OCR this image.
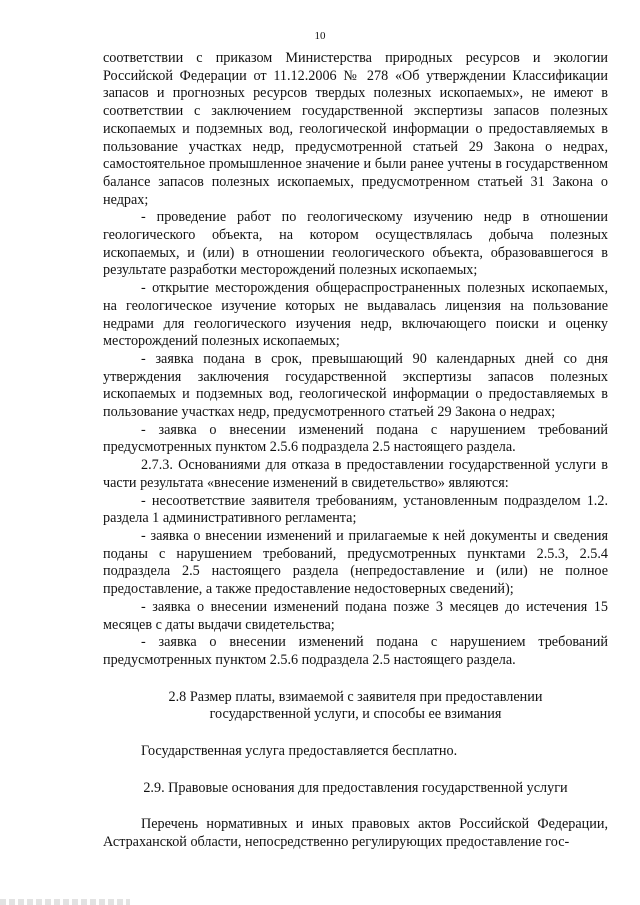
10

соответствии с приказом Министерства природных ресурсов и экологии Российской Федерации от 11.12.2006 № 278 «Об утверждении Классификации запасов и прогнозных ресурсов твердых полезных ископаемых», не имеют в соответствии с заключением государственной экспертизы запасов полезных ископаемых и подземных вод, геологической информации о предоставляемых в пользование участках недр, предусмотренной статьей 29 Закона о недрах, самостоятельное промышленное значение и были ранее учтены в государственном балансе запасов полезных ископаемых, предусмотренном статьей 31 Закона о недрах;

- проведение работ по геологическому изучению недр в отношении геологического объекта, на котором осуществлялась добыча полезных ископаемых, и (или) в отношении геологического объекта, образовавшегося в результате разработки месторождений полезных ископаемых;

- открытие месторождения общераспространенных полезных ископаемых, на геологическое изучение которых не выдавалась лицензия на пользование недрами для геологического изучения недр, включающего поиски и оценку месторождений полезных ископаемых;

- заявка подана в срок, превышающий 90 календарных дней со дня утверждения заключения государственной экспертизы запасов полезных ископаемых и подземных вод, геологической информации о предоставляемых в пользование участках недр, предусмотренного статьей 29 Закона о недрах;

- заявка о внесении изменений подана с нарушением требований предусмотренных пунктом 2.5.6 подраздела 2.5 настоящего раздела.

2.7.3. Основаниями для отказа в предоставлении государственной услуги в части результата «внесение изменений в свидетельство» являются:

- несоответствие заявителя требованиям, установленным подразделом 1.2. раздела 1 административного регламента;

- заявка о внесении изменений и прилагаемые к ней документы и сведения поданы с нарушением требований, предусмотренных пунктами 2.5.3, 2.5.4 подраздела 2.5 настоящего раздела (непредоставление и (или) не полное предоставление, а также предоставление недостоверных сведений);

- заявка о внесении изменений подана позже 3 месяцев до истечения 15 месяцев с даты выдачи свидетельства;

- заявка о внесении изменений подана с нарушением требований предусмотренных пунктом 2.5.6 подраздела 2.5 настоящего раздела.

2.8 Размер платы, взимаемой с заявителя при предоставлении

государственной услуги, и способы ее взимания

Государственная услуга предоставляется бесплатно.

2.9. Правовые основания для предоставления государственной услуги

Перечень нормативных и иных правовых актов Российской Федерации, Астраханской области, непосредственно регулирующих предоставление гос-
